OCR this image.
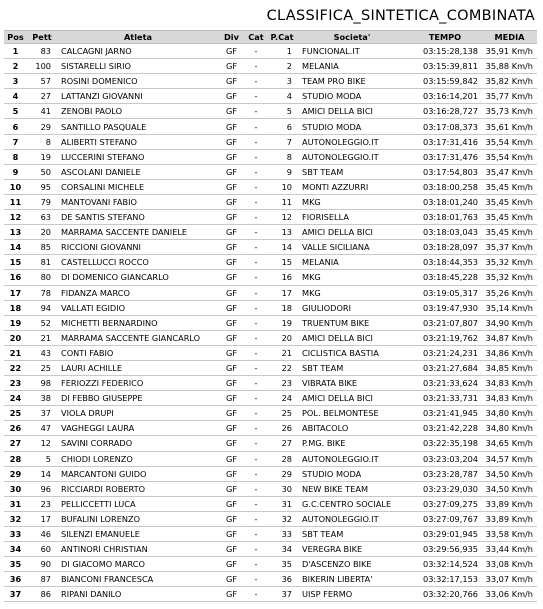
CLASSIFICA_SINTETICA_COMBINATA
Pos	Pett	Atleta	Div	Cat	P.Cat	Societa'	TEMPO	MEDIA
1	83	CALCAGNI JARNO	GF	-	1	FUNCIONAL.IT	03:15:28,138	35,91 Km/h
2	100	SISTARELLI SIRIO	GF	-	2	MELANIA	03:15:39,811	35,88 Km/h
3	57	ROSINI DOMENICO	GF	-	3	TEAM PRO BIKE	03:15:59,842	35,82 Km/h
4	27	LATTANZI GIOVANNI	GF	-	4	STUDIO MODA	03:16:14,201	35,77 Km/h
5	41	ZENOBI PAOLO	GF	-	5	AMICI DELLA BICI	03:16:28,727	35,73 Km/h
6	29	SANTILLO PASQUALE	GF	-	6	STUDIO MODA	03:17:08,373	35,61 Km/h
7	8	ALIBERTI STEFANO	GF	-	7	AUTONOLEGGIO.IT	03:17:31,416	35,54 Km/h
8	19	LUCCERINI STEFANO	GF	-	8	AUTONOLEGGIO.IT	03:17:31,476	35,54 Km/h
9	50	ASCOLANI DANIELE	GF	-	9	SBT TEAM	03:17:54,803	35,47 Km/h
10	95	CORSALINI MICHELE	GF	-	10	MONTI AZZURRI	03:18:00,258	35,45 Km/h
11	79	MANTOVANI FABIO	GF	-	11	MKG	03:18:01,240	35,45 Km/h
12	63	DE SANTIS STEFANO	GF	-	12	FIORISELLA	03:18:01,763	35,45 Km/h
13	20	MARRAMA SACCENTE DANIELE	GF	-	13	AMICI DELLA BICI	03:18:03,043	35,45 Km/h
14	85	RICCIONI GIOVANNI	GF	-	14	VALLE SICILIANA	03:18:28,097	35,37 Km/h
15	81	CASTELLUCCI ROCCO	GF	-	15	MELANIA	03:18:44,353	35,32 Km/h
16	80	DI DOMENICO GIANCARLO	GF	-	16	MKG	03:18:45,228	35,32 Km/h
17	78	FIDANZA MARCO	GF	-	17	MKG	03:19:05,317	35,26 Km/h
18	94	VALLATI EGIDIO	GF	-	18	GIULIODORI	03:19:47,930	35,14 Km/h
19	52	MICHETTI BERNARDINO	GF	-	19	TRUENTUM BIKE	03:21:07,807	34,90 Km/h
20	21	MARRAMA SACCENTE GIANCARLO	GF	-	20	AMICI DELLA BICI	03:21:19,762	34,87 Km/h
21	43	CONTI FABIO	GF	-	21	CICLISTICA BASTIA	03:21:24,231	34,86 Km/h
22	25	LAURI ACHILLE	GF	-	22	SBT TEAM	03:21:27,684	34,85 Km/h
23	98	FERIOZZI FEDERICO	GF	-	23	VIBRATA BIKE	03:21:33,624	34,83 Km/h
24	38	DI FEBBO GIUSEPPE	GF	-	24	AMICI DELLA BICI	03:21:33,731	34,83 Km/h
25	37	VIOLA DRUPI	GF	-	25	POL. BELMONTESE	03:21:41,945	34,80 Km/h
26	47	VAGHEGGI LAURA	GF	-	26	ABITACOLO	03:21:42,228	34,80 Km/h
27	12	SAVINI CORRADO	GF	-	27	P.MG. BIKE	03:22:35,198	34,65 Km/h
28	5	CHIODI LORENZO	GF	-	28	AUTONOLEGGIO.IT	03:23:03,204	34,57 Km/h
29	14	MARCANTONI GUIDO	GF	-	29	STUDIO MODA	03:23:28,787	34,50 Km/h
30	96	RICCIARDI ROBERTO	GF	-	30	NEW BIKE TEAM	03:23:29,030	34,50 Km/h
31	23	PELLICCETTI LUCA	GF	-	31	G.C.CENTRO SOCIALE	03:27:09,275	33,89 Km/h
32	17	BUFALINI LORENZO	GF	-	32	AUTONOLEGGIO.IT	03:27:09,767	33,89 Km/h
33	46	SILENZI EMANUELE	GF	-	33	SBT TEAM	03:29:01,945	33,58 Km/h
34	60	ANTINORI CHRISTIAN	GF	-	34	VEREGRA BIKE	03:29:56,935	33,44 Km/h
35	90	DI GIACOMO MARCO	GF	-	35	D'ASCENZO BIKE	03:32:14,524	33,08 Km/h
36	87	BIANCONI FRANCESCA	GF	-	36	BIKERIN LIBERTA'	03:32:17,153	33,07 Km/h
37	86	RIPANI DANILO	GF	-	37	UISP FERMO	03:32:20,766	33,06 Km/h
